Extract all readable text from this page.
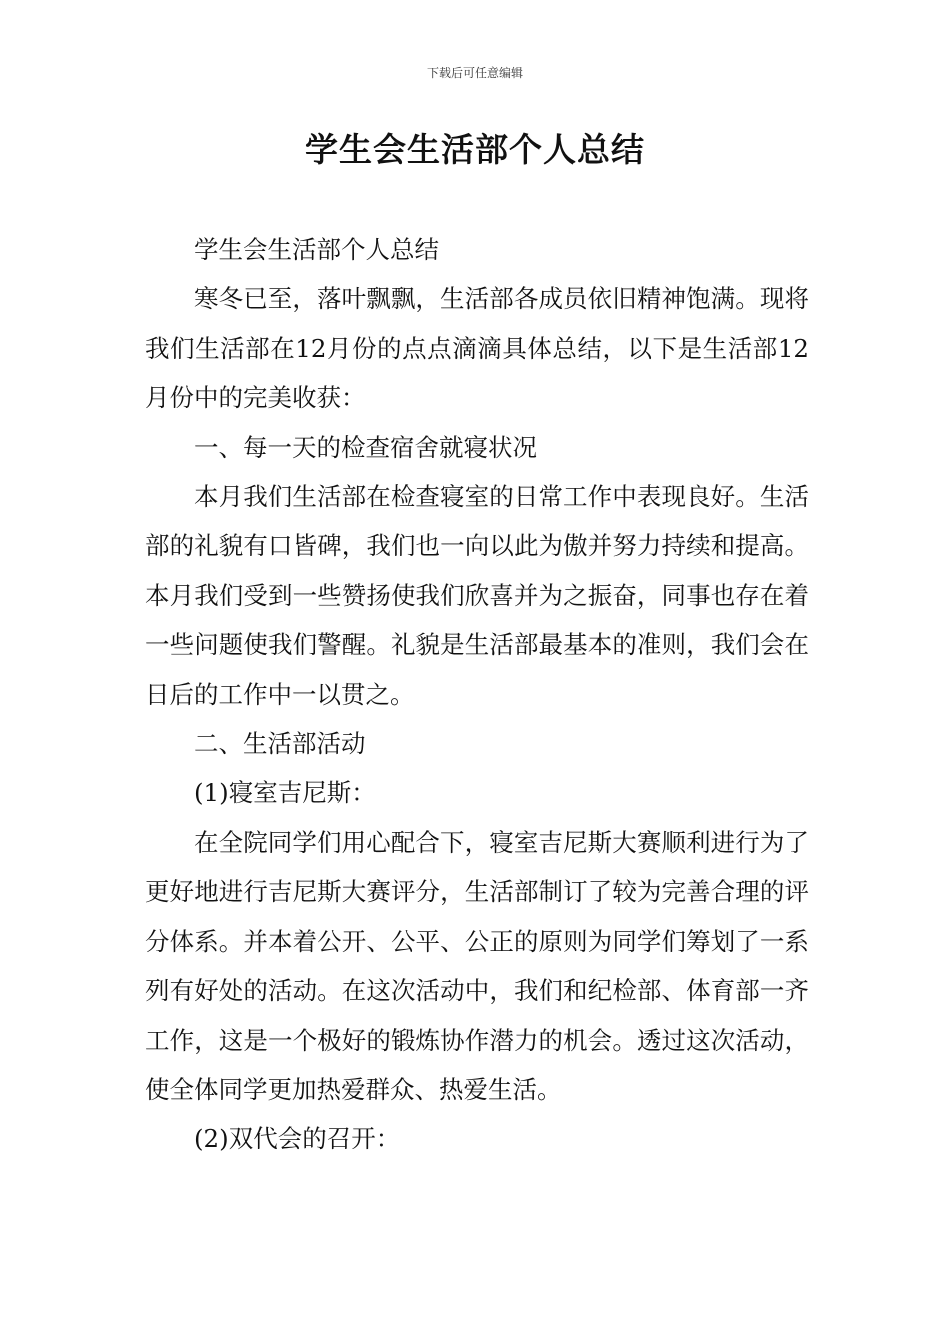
下载后可任意编辑
学生会生活部个人总结

学生会生活部个人总结

寒冬已至，落叶飘飘，生活部各成员依旧精神饱满。现将我们生活部在12月份的点点滴滴具体总结，以下是生活部12月份中的完美收获：

一、每一天的检查宿舍就寝状况

本月我们生活部在检查寝室的日常工作中表现良好。生活部的礼貌有口皆碑，我们也一向以此为傲并努力持续和提高。本月我们受到一些赞扬使我们欣喜并为之振奋，同事也存在着一些问题使我们警醒。礼貌是生活部最基本的准则，我们会在日后的工作中一以贯之。

二、生活部活动

(1)寝室吉尼斯：

在全院同学们用心配合下，寝室吉尼斯大赛顺利进行为了更好地进行吉尼斯大赛评分，生活部制订了较为完善合理的评分体系。并本着公开、公平、公正的原则为同学们筹划了一系列有好处的活动。在这次活动中，我们和纪检部、体育部一齐工作，这是一个极好的锻炼协作潜力的机会。透过这次活动，使全体同学更加热爱群众、热爱生活。

(2)双代会的召开：
